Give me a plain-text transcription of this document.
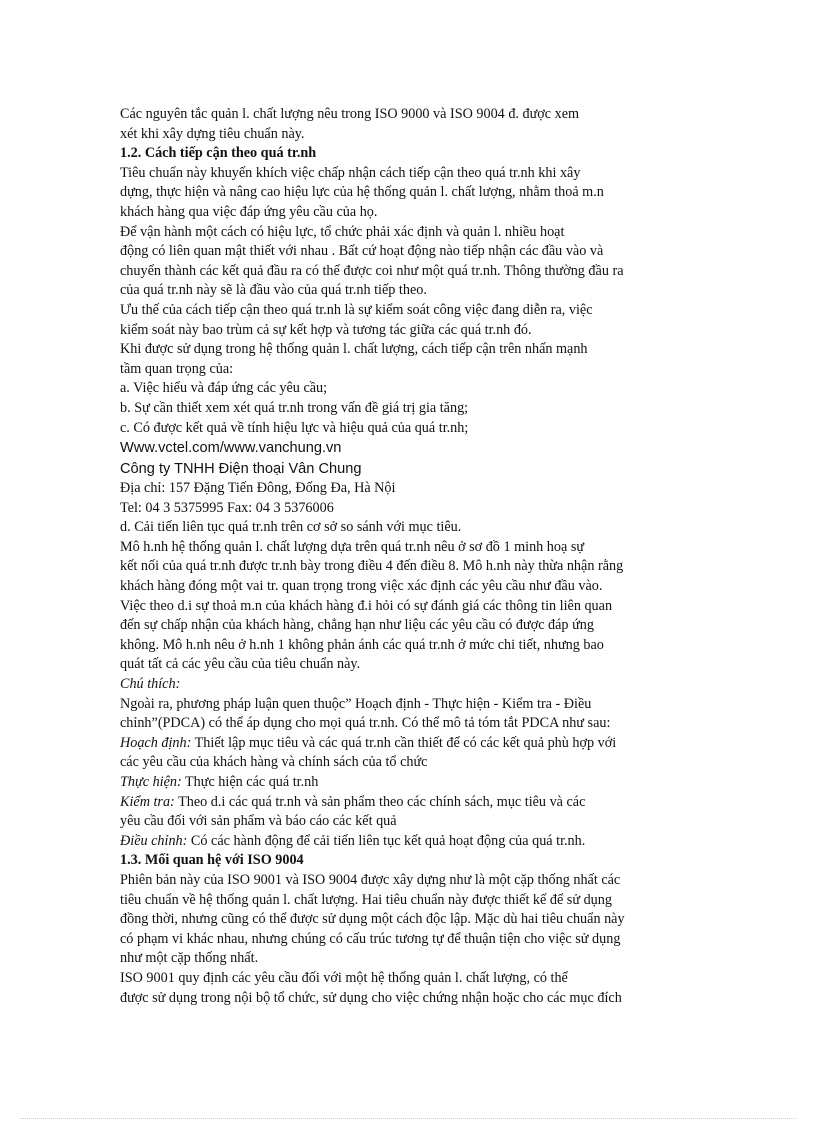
Các nguyên tắc quản l. chất lượng nêu trong ISO 9000 và ISO 9004 đ. được xem
xét khi xây dựng tiêu chuẩn này.
1.2. Cách tiếp cận theo quá tr.nh
Tiêu chuẩn này khuyến khích việc chấp nhận cách tiếp cận theo quá tr.nh khi xây
dựng, thực hiện và nâng cao hiệu lực của hệ thống quản l. chất lượng, nhằm thoả m.n
khách hàng qua việc đáp ứng yêu cầu của họ.
Để vận hành một cách có hiệu lực, tổ chức phải xác định và quản l. nhiều hoạt
động có liên quan mật thiết với nhau . Bất cứ hoạt động nào tiếp nhận các đầu vào và
chuyển thành các kết quả đầu ra có thể được coi như một quá tr.nh. Thông thường đầu ra
của quá tr.nh này sẽ là đầu vào của quá tr.nh tiếp theo.
Ưu thế của cách tiếp cận theo quá tr.nh là sự kiểm soát công việc đang diễn ra, việc
kiểm soát này bao trùm cả sự kết hợp và tương tác giữa các quá tr.nh đó.
Khi được sử dụng trong hệ thống quản l. chất lượng, cách tiếp cận trên nhấn mạnh
tầm quan trọng của:
a. Việc hiểu và đáp ứng các yêu cầu;
b. Sự cần thiết xem xét quá tr.nh trong vấn đề giá trị gia tăng;
c. Có được kết quả về tính hiệu lực và hiệu quả của quá tr.nh;
Www.vctel.com/www.vanchung.vn
Công ty TNHH Điện thoại Vân Chung
Địa chỉ: 157 Đặng Tiến Đông, Đống Đa, Hà Nội
Tel: 04 3 5375995 Fax: 04 3 5376006
d. Cải tiến liên tục quá tr.nh trên cơ sở so sánh với mục tiêu.
Mô h.nh hệ thống quản l. chất lượng dựa trên quá tr.nh nêu ở sơ đồ 1 minh hoạ sự
kết nối của quá tr.nh được tr.nh bày trong điều 4 đến điều 8. Mô h.nh này thừa nhận rằng
khách hàng đóng một vai tr. quan trọng trong việc xác định các yêu cầu như đầu vào.
Việc theo d.i sự thoả m.n của khách hàng đ.i hỏi có sự đánh giá các thông tin liên quan
đến sự chấp nhận của khách hàng, chẳng hạn như liệu các yêu cầu có được đáp ứng
không. Mô h.nh nêu ở h.nh 1 không phản ánh các quá tr.nh ở mức chi tiết, nhưng bao
quát tất cả các yêu cầu của tiêu chuẩn này.
Chú thích:
Ngoài ra, phương pháp luận quen thuộc” Hoạch định - Thực hiện - Kiểm tra - Điều
chỉnh”(PDCA) có thể áp dụng cho mọi quá tr.nh. Có thể mô tả tóm tắt PDCA như sau:
Hoạch định: Thiết lập mục tiêu và các quá tr.nh cần thiết để có các kết quả phù hợp với
các yêu cầu của khách hàng và chính sách của tổ chức
Thực hiện: Thực hiện các quá tr.nh
Kiểm tra: Theo d.i các quá tr.nh và sản phẩm theo các chính sách, mục tiêu và các
yêu cầu đối với sản phẩm và báo cáo các kết quả
Điều chỉnh: Có các hành động để cải tiến liên tục kết quả hoạt động của quá tr.nh.
1.3. Mối quan hệ với ISO 9004
Phiên bản này của ISO 9001 và ISO 9004 được xây dựng như là một cặp thống nhất các
tiêu chuẩn về hệ thống quản l. chất lượng. Hai tiêu chuẩn này được thiết kế để sử dụng
đồng thời, nhưng cũng có thể được sử dụng một cách độc lập. Mặc dù hai tiêu chuẩn này
có phạm vi khác nhau, nhưng chúng có cấu trúc tương tự để thuận tiện cho việc sử dụng
như một cặp thống nhất.
ISO 9001 quy định các yêu cầu đối với một hệ thống quản l. chất lượng, có thể
được sử dụng trong nội bộ tổ chức, sử dụng cho việc chứng nhận hoặc cho các mục đích
